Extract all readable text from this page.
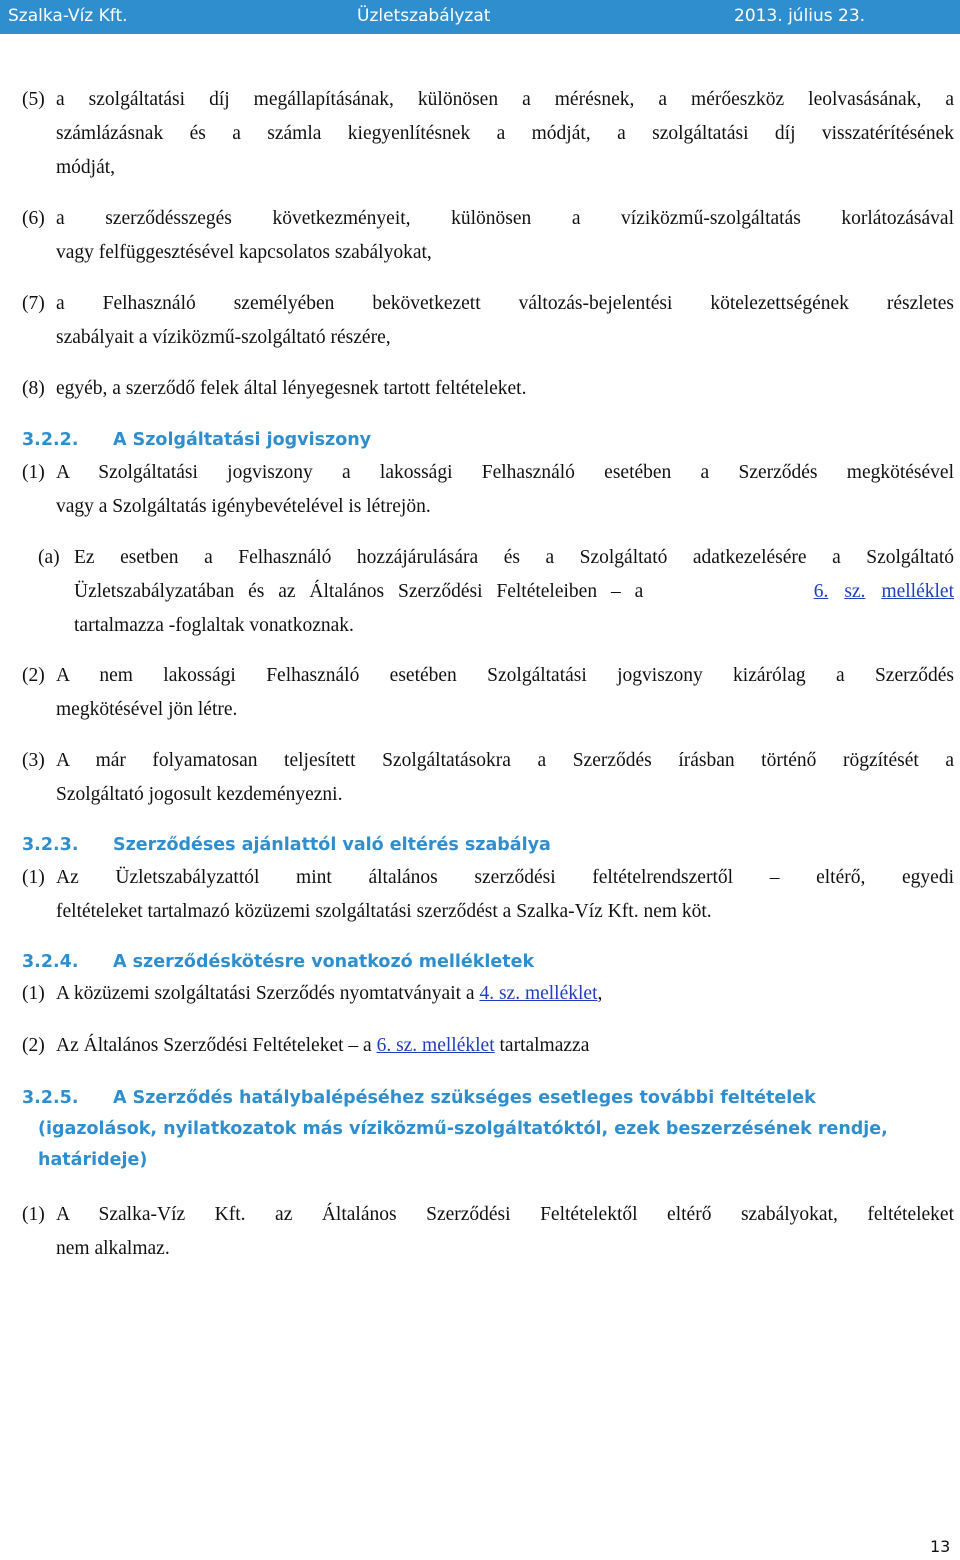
Szalka-Víz Kft.	Üzletszabályzat	2013. július 23.
(5) a szolgáltatási díj megállapításának, különösen a mérésnek, a mérőeszköz leolvasásának, a
számlázásnak és a számla kiegyenlítésnek a módját, a szolgáltatási díj visszatérítésének
módját,
(6) a szerződésszegés következményeit, különösen a víziközmű-szolgáltatás korlátozásával
vagy felfüggesztésével kapcsolatos szabályokat,
(7) a Felhasználó személyében bekövetkezett változás-bejelentési kötelezettségének részletes
szabályait a víziközmű-szolgáltató részére,
(8) egyéb, a szerződő felek által lényegesnek tartott feltételeket.
3.2.2. A Szolgáltatási jogviszony
(1) A Szolgáltatási jogviszony a lakossági Felhasználó esetében a Szerződés megkötésével
vagy a Szolgáltatás igénybevételével is létrejön.
(a) Ez esetben a Felhasználó hozzájárulására és a Szolgáltató adatkezelésére a Szolgáltató
Üzletszabályzatában és az Általános Szerződési Feltételeiben – a	6. sz. melléklet
tartalmazza -foglaltak vonatkoznak.
(2) A nem lakossági Felhasználó esetében Szolgáltatási jogviszony kizárólag a Szerződés
megkötésével jön létre.
(3) A már folyamatosan teljesített Szolgáltatásokra a Szerződés írásban történő rögzítését a
Szolgáltató jogosult kezdeményezni.
3.2.3. Szerződéses ajánlattól való eltérés szabálya
(1) Az Üzletszabályzattól mint általános szerződési feltételrendszertől – eltérő, egyedi
feltételeket tartalmazó közüzemi szolgáltatási szerződést a Szalka-Víz Kft. nem köt.
3.2.4. A szerződéskötésre vonatkozó mellékletek
(1) A közüzemi szolgáltatási Szerződés nyomtatványait a 4. sz. melléklet,
(2) Az Általános Szerződési Feltételeket – a 6. sz. melléklet tartalmazza
3.2.5. A Szerződés hatálybalépéséhez szükséges esetleges további feltételek
(igazolások, nyilatkozatok más víziközmű-szolgáltatóktól, ezek beszerzésének rendje,
határideje)
(1) A Szalka-Víz Kft. az Általános Szerződési Feltételektől eltérő szabályokat, feltételeket
nem alkalmaz.
13
